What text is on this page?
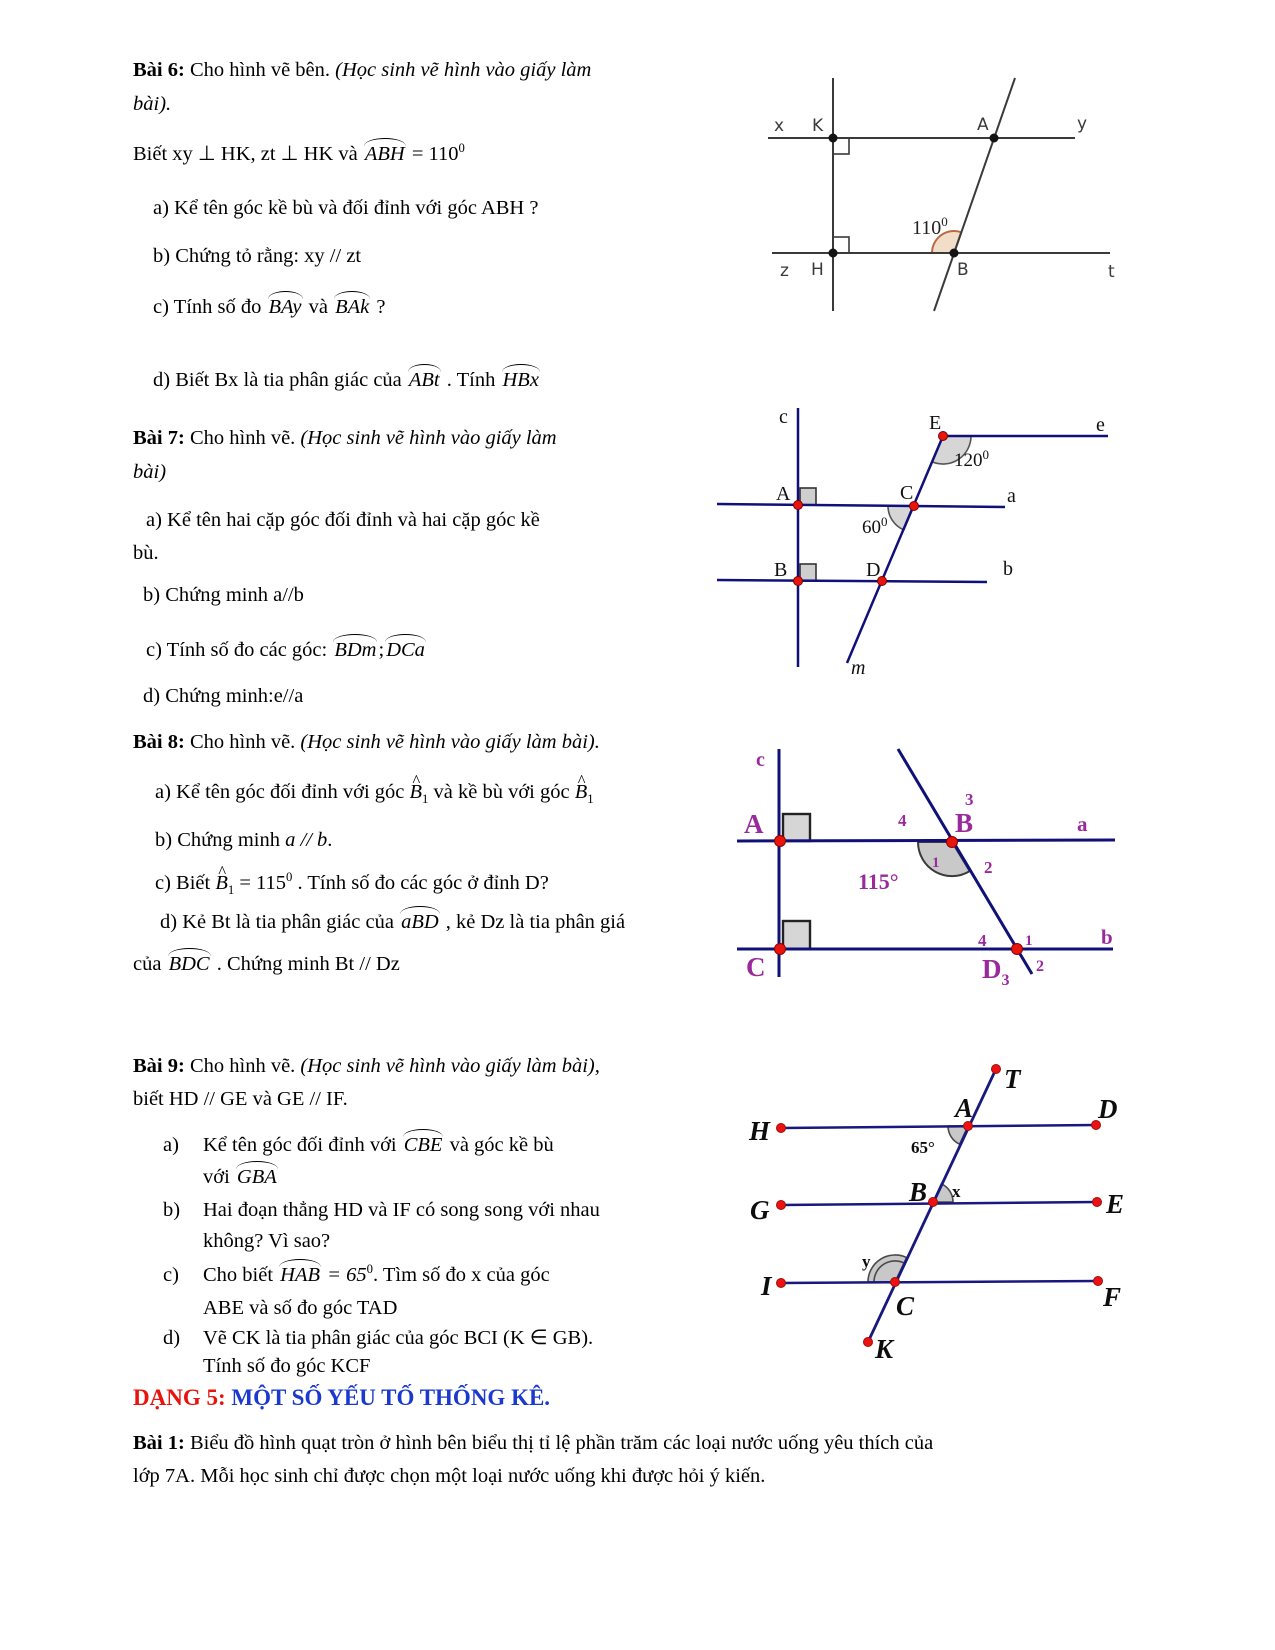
Bài 6: Cho hình vẽ bên. (Học sinh vẽ hình vào giấy làm
bài).
Biết xy ⊥ HK, zt ⊥ HK và ABH = $110^0$
a) Kể tên góc kề bù và đối đỉnh với góc ABH ?
b) Chứng tỏ rằng: xy // zt
c) Tính số đo BAy và BAk ?
d) Biết Bx là tia phân giác của ABt . Tính HBx
x K	A	y
z H	B	t
$110^0$
Bài 7: Cho hình vẽ. (Học sinh vẽ hình vào giấy làm
bài)
a) Kể tên hai cặp góc đối đỉnh và hai cặp góc kề
bù.
b) Chứng minh a//b
c) Tính số đo các góc: BDm;DCa
d) Chứng minh:e//a
c	E	e
A	C	a
B	D	b
m
$120^0$
$60^0$
Bài 8: Cho hình vẽ. (Học sinh vẽ hình vào giấy làm bài).
a) Kể tên góc đối đỉnh với góc ^ $B_1$ và kề bù với góc ^ $B_1$
b) Chứng minh a // b.
c) Biết ^ $B_1 = 115^0$ . Tính số đo các góc ở đỉnh D?
d) Kẻ Bt là tia phân giác của aBD , kẻ Dz là tia phân giá
của BDC . Chứng minh Bt // Dz
c
A	B
C	$D_3$
2
a
b
3
4
1	2
4	1
115°
Bài 9: Cho hình vẽ. (Học sinh vẽ hình vào giấy làm bài),
biết HD // GE và GE // IF.
a) Kể tên góc đối đỉnh với CBE và góc kề bù
với GBA
b) Hai đoạn thẳng HD và IF có song song với nhau
không? Vì sao?
c) Cho biết HAB = $65^0$. Tìm số đo x của góc
ABE và số đo góc TAD
d) Vẽ CK là tia phân giác của góc BCI (K ∈ GB).
Tính số đo góc KCF
H
G
I
D
E
F
T
A
B
C
K
65°
x
y
DẠNG 5: MỘT SỐ YẾU TỐ THỐNG KÊ.
Bài 1: Biểu đồ hình quạt tròn ở hình bên biểu thị tỉ lệ phần trăm các loại nước uống yêu thích của
lớp 7A. Mỗi học sinh chỉ được chọn một loại nước uống khi được hỏi ý kiến.
